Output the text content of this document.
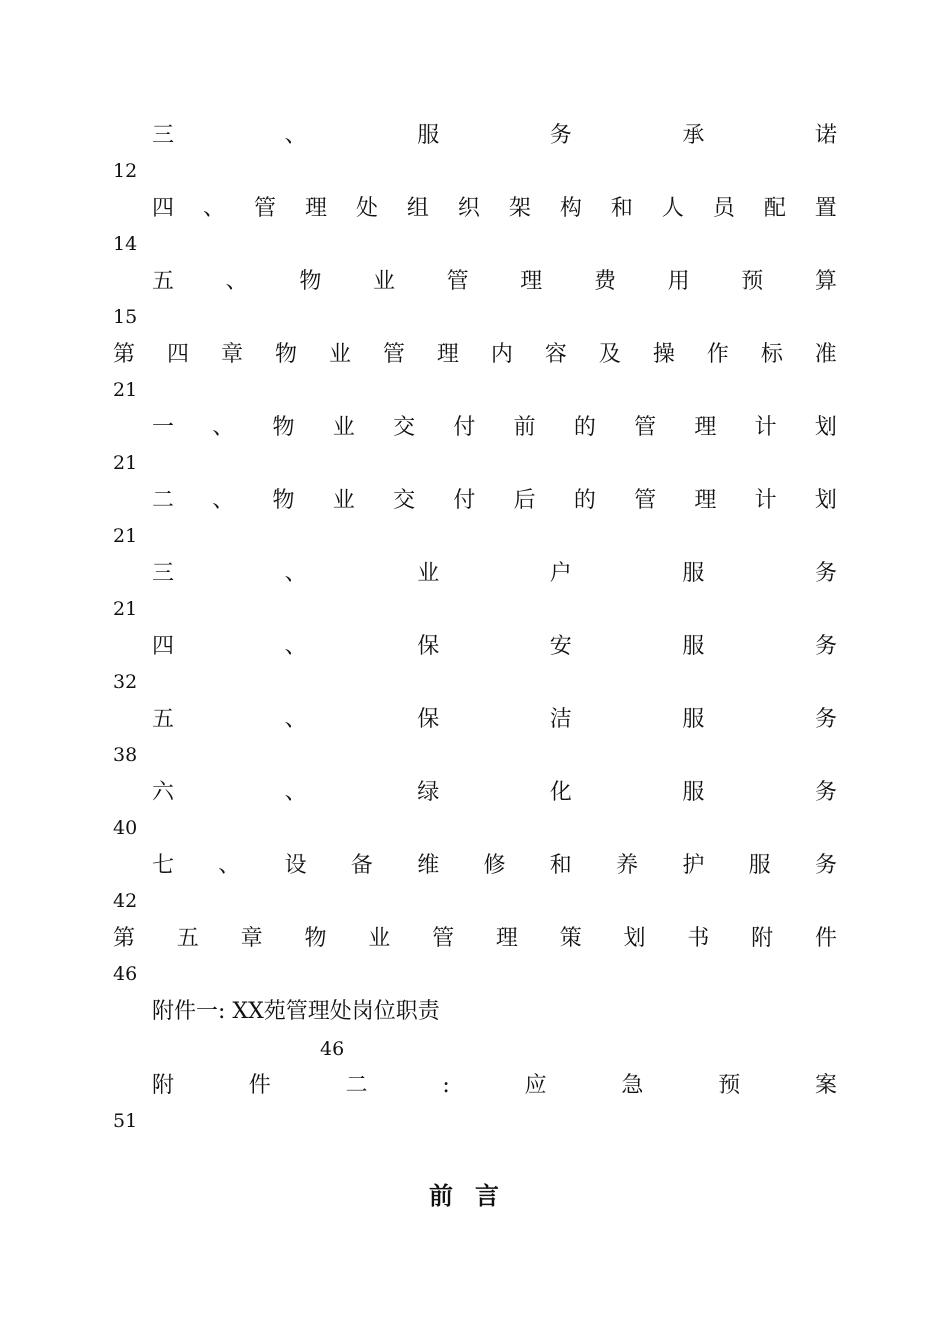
三	、	服	务	承	诺
12
四 、 管 理 处 组 织 架 构 和 人 员 配 置
14
五 、 物 业 管 理 费 用 预 算
15
第 四 章 物 业 管 理 内 容 及 操 作 标 准
21
一 、 物 业 交 付 前 的 管 理 计 划
21
二 、 物 业 交 付 后 的 管 理 计 划
21
三	、	业	户	服	务
21
四	、	保	安	服	务
32
五	、	保	洁	服	务
38
六	、	绿	化	服	务
40
七 、 设 备 维 修 和 养 护 服 务
42
第 五 章 物 业 管 理 策 划 书 附 件
46
附件一: XX苑管理处岗位职责
46
附	件	二	:	应	急	预	案
51
前言
